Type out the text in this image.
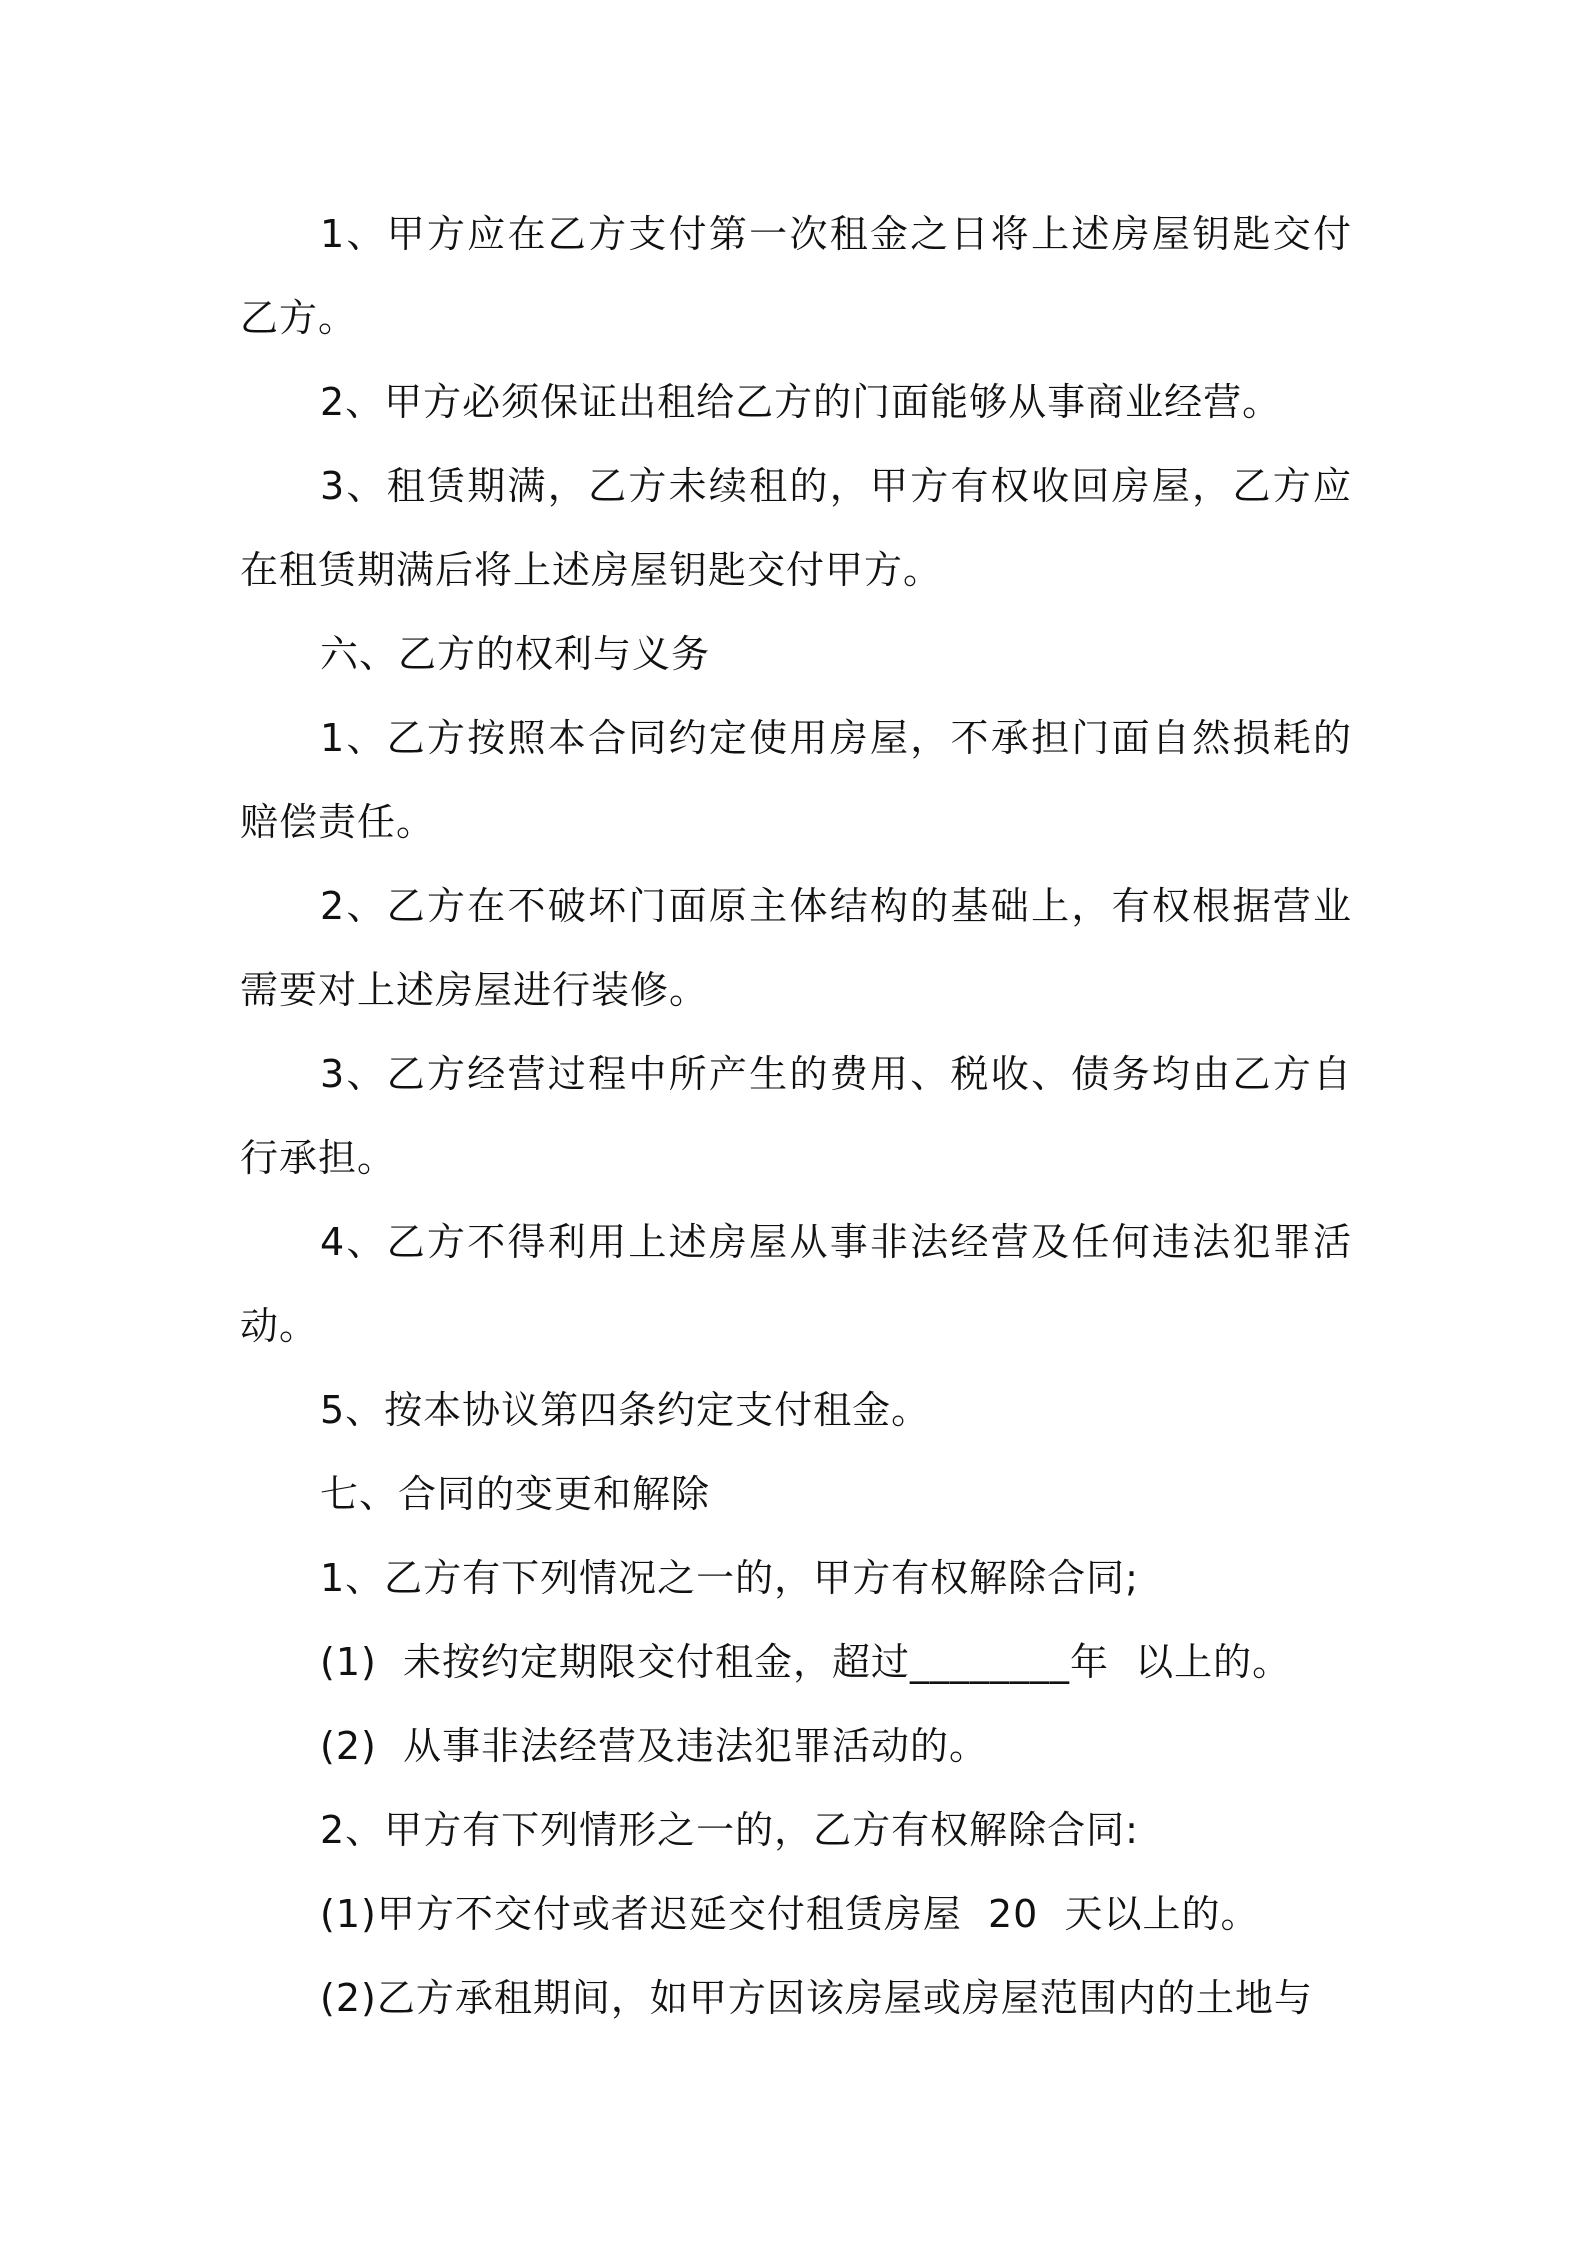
1、甲方应在乙方支付第一次租金之日将上述房屋钥匙交付乙方。

2、甲方必须保证出租给乙方的门面能够从事商业经营。

3、租赁期满，乙方未续租的，甲方有权收回房屋，乙方应在租赁期满后将上述房屋钥匙交付甲方。

六、乙方的权利与义务

1、乙方按照本合同约定使用房屋，不承担门面自然损耗的赔偿责任。

2、乙方在不破坏门面原主体结构的基础上，有权根据营业需要对上述房屋进行装修。

3、乙方经营过程中所产生的费用、税收、债务均由乙方自行承担。

4、乙方不得利用上述房屋从事非法经营及任何违法犯罪活动。

5、按本协议第四条约定支付租金。

七、合同的变更和解除

1、乙方有下列情况之一的，甲方有权解除合同;

(1)  未按约定期限交付租金，超过________年  以上的。

(2)  从事非法经营及违法犯罪活动的。

2、甲方有下列情形之一的，乙方有权解除合同:

(1)甲方不交付或者迟延交付租赁房屋  20  天以上的。

(2)乙方承租期间，如甲方因该房屋或房屋范围内的土地与
